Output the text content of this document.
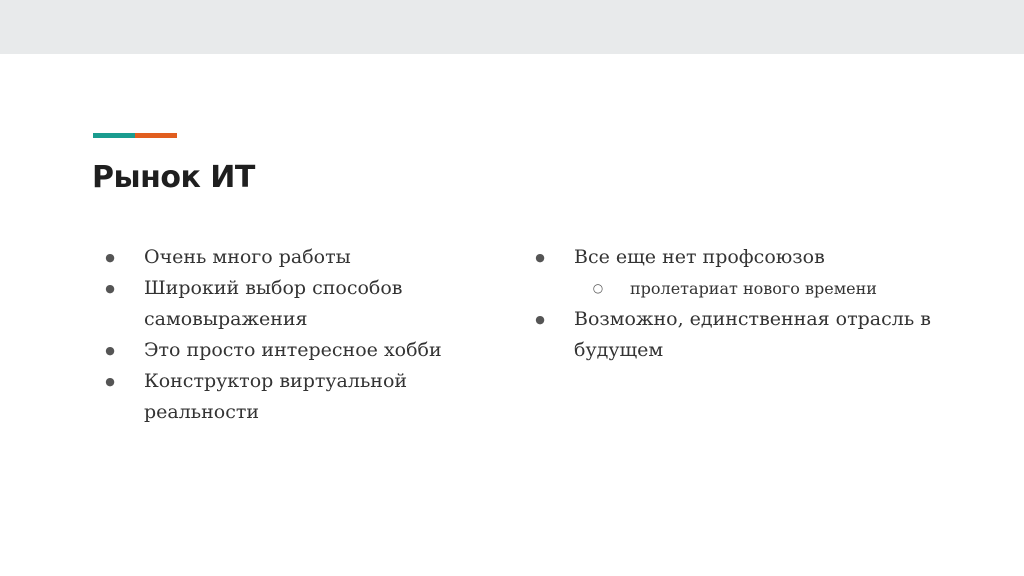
Рынок ИТ
● Очень много работы
● Широкий выбор способов самовыражения
● Это просто интересное хобби
● Конструктор виртуальной реальности
● Все еще нет профсоюзов
○ пролетариат нового времени
● Возможно, единственная отрасль в будущем
